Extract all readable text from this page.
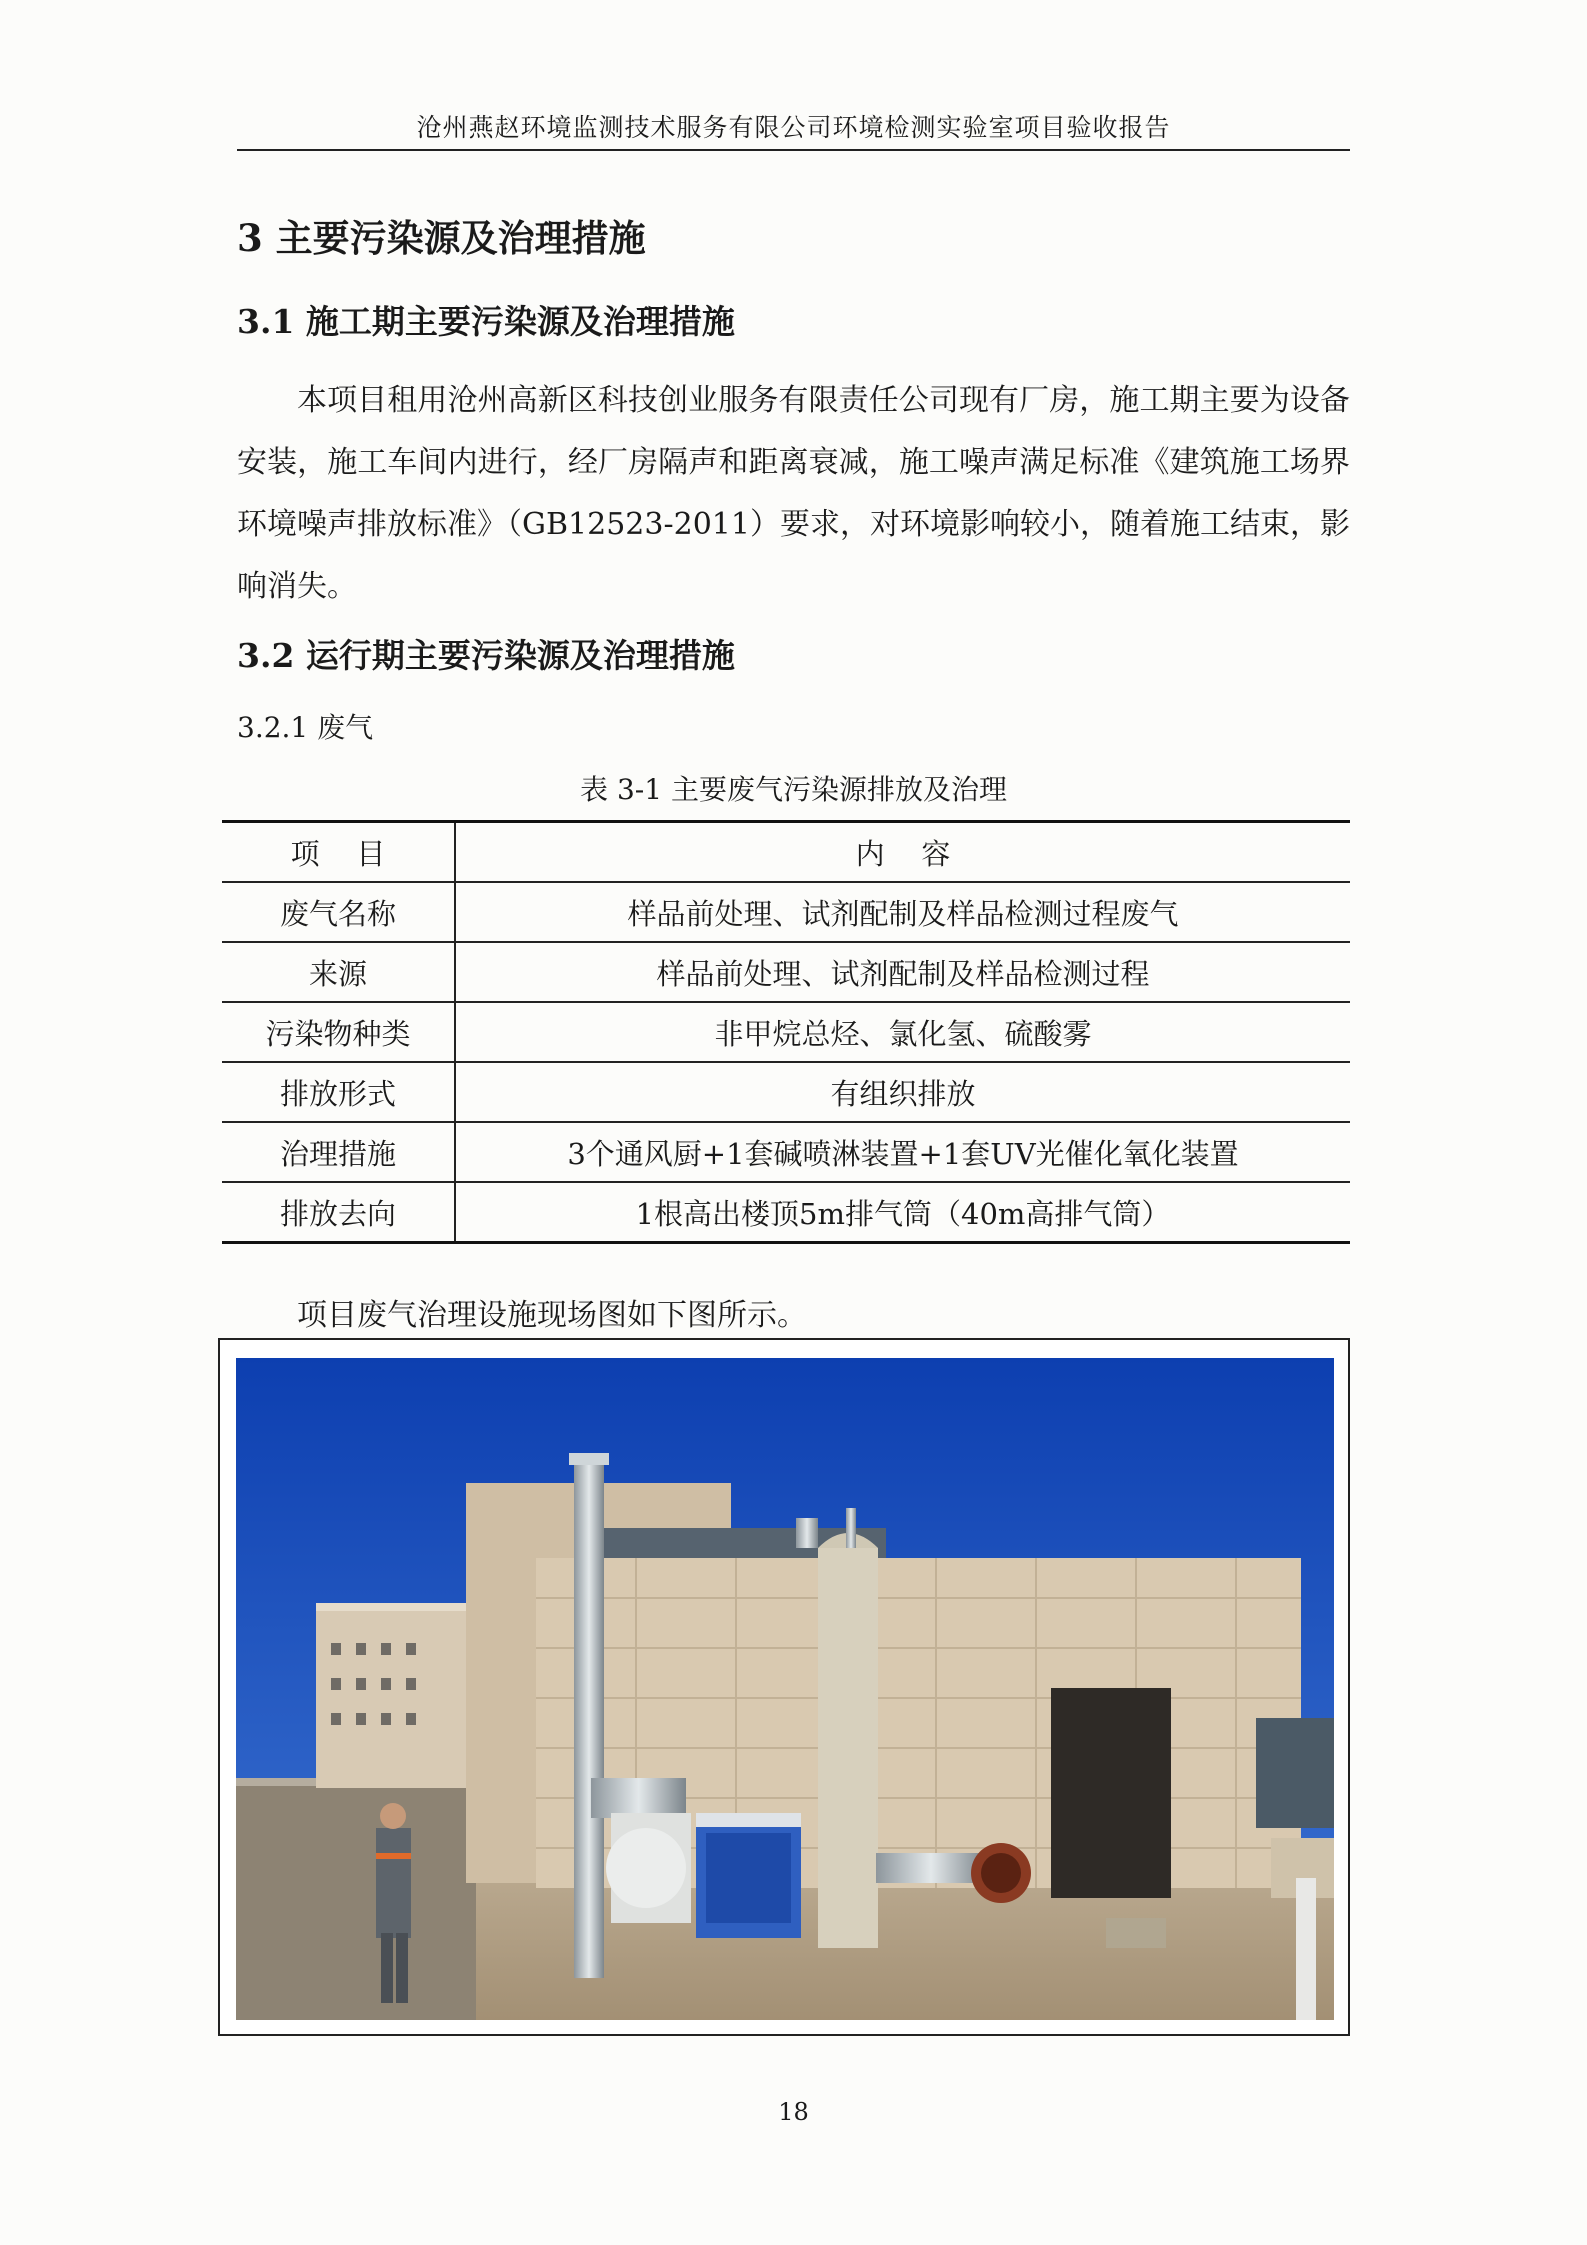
沧州燕赵环境监测技术服务有限公司环境检测实验室项目验收报告
3 主要污染源及治理措施
3.1 施工期主要污染源及治理措施
本项目租用沧州高新区科技创业服务有限责任公司现有厂房，施工期主要为设备安装，施工车间内进行，经厂房隔声和距离衰减，施工噪声满足标准《建筑施工场界环境噪声排放标准》（GB12523-2011）要求，对环境影响较小，随着施工结束，影响消失。
3.2 运行期主要污染源及治理措施
3.2.1 废气
表 3-1 主要废气污染源排放及治理
项    目	内    容
废气名称	样品前处理、试剂配制及样品检测过程废气
来源	样品前处理、试剂配制及样品检测过程
污染物种类	非甲烷总烃、氯化氢、硫酸雾
排放形式	有组织排放
治理措施	3个通风厨+1套碱喷淋装置+1套UV光催化氧化装置
排放去向	1根高出楼顶5m排气筒（40m高排气筒）
项目废气治理设施现场图如下图所示。
18
